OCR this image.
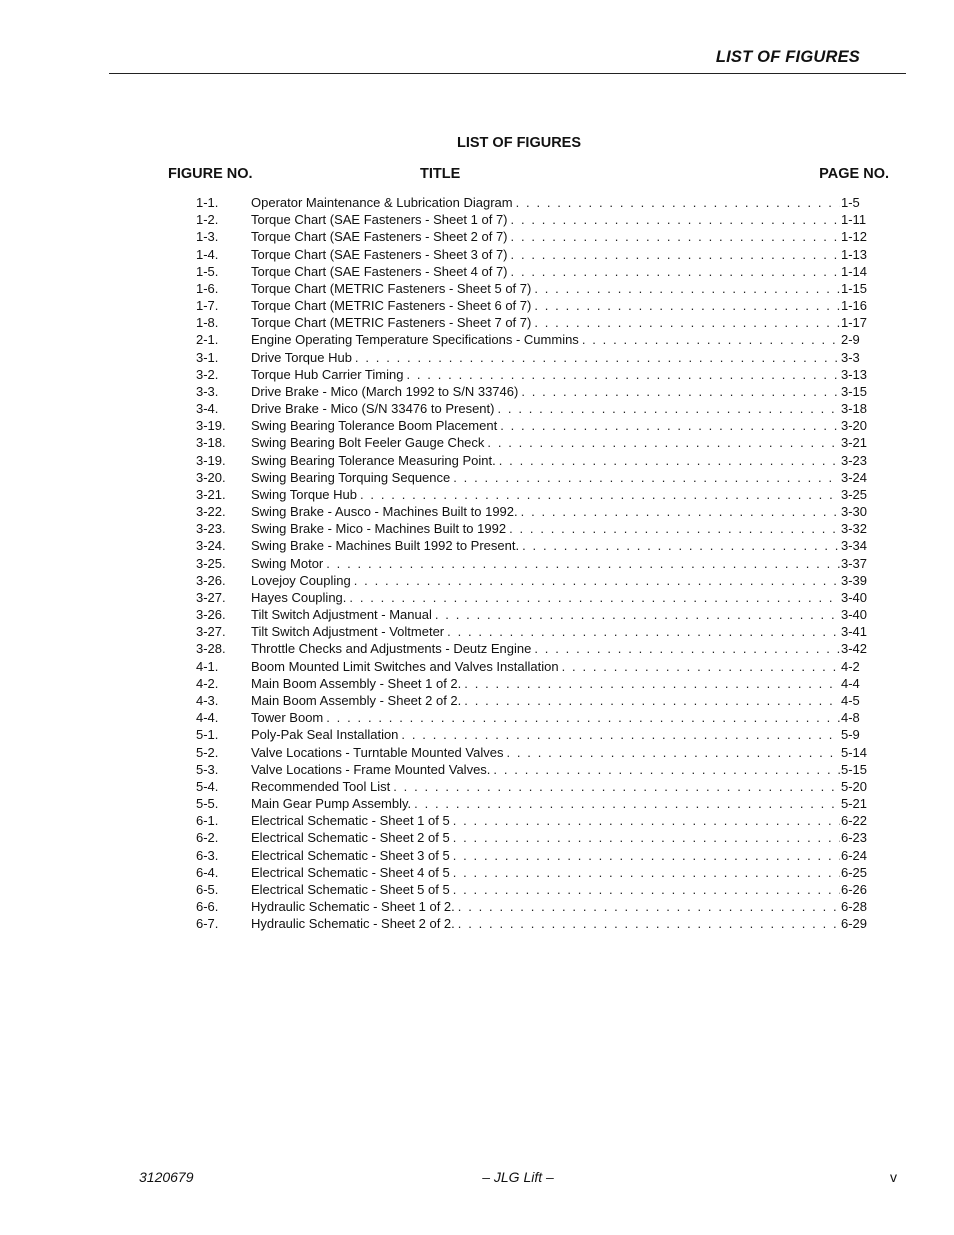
LIST OF FIGURES
LIST OF FIGURES
FIGURE NO.	TITLE	PAGE NO.
1-1.	Operator Maintenance & Lubrication Diagram . . .	1-5
1-2.	Torque Chart (SAE Fasteners - Sheet 1 of 7) . . .	1-11
1-3.	Torque Chart (SAE Fasteners - Sheet 2 of 7) . . .	1-12
1-4.	Torque Chart (SAE Fasteners - Sheet 3 of 7) . . .	1-13
1-5.	Torque Chart (SAE Fasteners - Sheet 4 of 7) . . .	1-14
1-6.	Torque Chart (METRIC Fasteners - Sheet 5 of 7) . . .	1-15
1-7.	Torque Chart (METRIC Fasteners - Sheet 6 of 7) . . .	1-16
1-8.	Torque Chart (METRIC Fasteners - Sheet 7 of 7) . . .	1-17
2-1.	Engine Operating Temperature Specifications - Cummins . . .	2-9
3-1.	Drive Torque Hub . . .	3-3
3-2.	Torque Hub Carrier Timing . . .	3-13
3-3.	Drive Brake - Mico (March 1992 to S/N 33746) . . .	3-15
3-4.	Drive Brake - Mico (S/N 33476 to Present) . . .	3-18
3-19.	Swing Bearing Tolerance Boom Placement . . .	3-20
3-18.	Swing Bearing Bolt Feeler Gauge Check . . .	3-21
3-19.	Swing Bearing Tolerance Measuring Point. . . .	3-23
3-20.	Swing Bearing Torquing Sequence . . .	3-24
3-21.	Swing Torque Hub . . .	3-25
3-22.	Swing Brake - Ausco - Machines Built to 1992. . . .	3-30
3-23.	Swing Brake - Mico - Machines Built to 1992 . . .	3-32
3-24.	Swing Brake - Machines Built 1992 to Present. . . .	3-34
3-25.	Swing Motor . . .	3-37
3-26.	Lovejoy Coupling . . .	3-39
3-27.	Hayes Coupling. . . .	3-40
3-26.	Tilt Switch Adjustment - Manual . . .	3-40
3-27.	Tilt Switch Adjustment - Voltmeter . . .	3-41
3-28.	Throttle Checks and Adjustments - Deutz Engine . . .	3-42
4-1.	Boom Mounted Limit Switches and Valves Installation . . .	4-2
4-2.	Main Boom Assembly - Sheet 1 of 2. . . .	4-4
4-3.	Main Boom Assembly - Sheet 2 of 2. . . .	4-5
4-4.	Tower Boom . . .	4-8
5-1.	Poly-Pak Seal Installation . . .	5-9
5-2.	Valve Locations - Turntable Mounted Valves . . .	5-14
5-3.	Valve Locations - Frame Mounted Valves. . . .	5-15
5-4.	Recommended Tool List . . .	5-20
5-5.	Main Gear Pump Assembly. . . .	5-21
6-1.	Electrical Schematic - Sheet 1 of 5 . . .	6-22
6-2.	Electrical Schematic - Sheet 2 of 5 . . .	6-23
6-3.	Electrical Schematic - Sheet 3 of 5 . . .	6-24
6-4.	Electrical Schematic - Sheet 4 of 5 . . .	6-25
6-5.	Electrical Schematic - Sheet 5 of 5 . . .	6-26
6-6.	Hydraulic Schematic - Sheet 1 of 2. . . .	6-28
6-7.	Hydraulic Schematic - Sheet 2 of 2. . . .	6-29
3120679	– JLG Lift –	v
